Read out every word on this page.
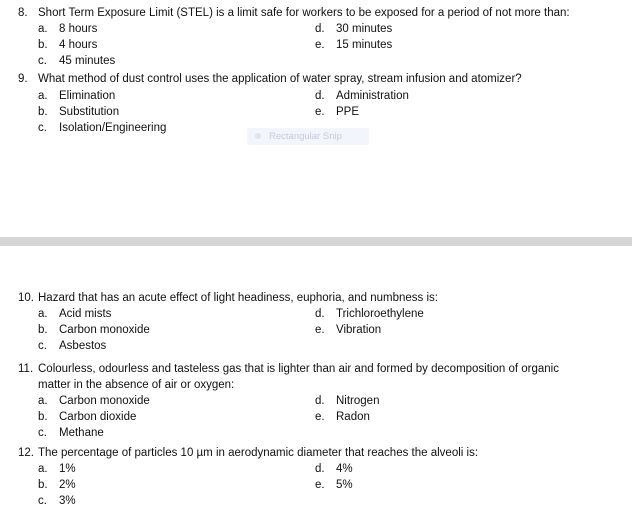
8. Short Term Exposure Limit (STEL) is a limit safe for workers to be exposed for a period of not more than:
a. 8 hours	d. 30 minutes
b. 4 hours	e. 15 minutes
c. 45 minutes
9. What method of dust control uses the application of water spray, stream infusion and atomizer?
a. Elimination	d. Administration
b. Substitution	e. PPE
c. Isolation/Engineering
Rectangular Snip
10. Hazard that has an acute effect of light headiness, euphoria, and numbness is:
a. Acid mists	d. Trichloroethylene
b. Carbon monoxide	e. Vibration
c. Asbestos
11. Colourless, odourless and tasteless gas that is lighter than air and formed by decomposition of organic
matter in the absence of air or oxygen:
a. Carbon monoxide	d. Nitrogen
b. Carbon dioxide	e. Radon
c. Methane
12. The percentage of particles 10 µm in aerodynamic diameter that reaches the alveoli is:
a. 1%	d. 4%
b. 2%	e. 5%
c. 3%
